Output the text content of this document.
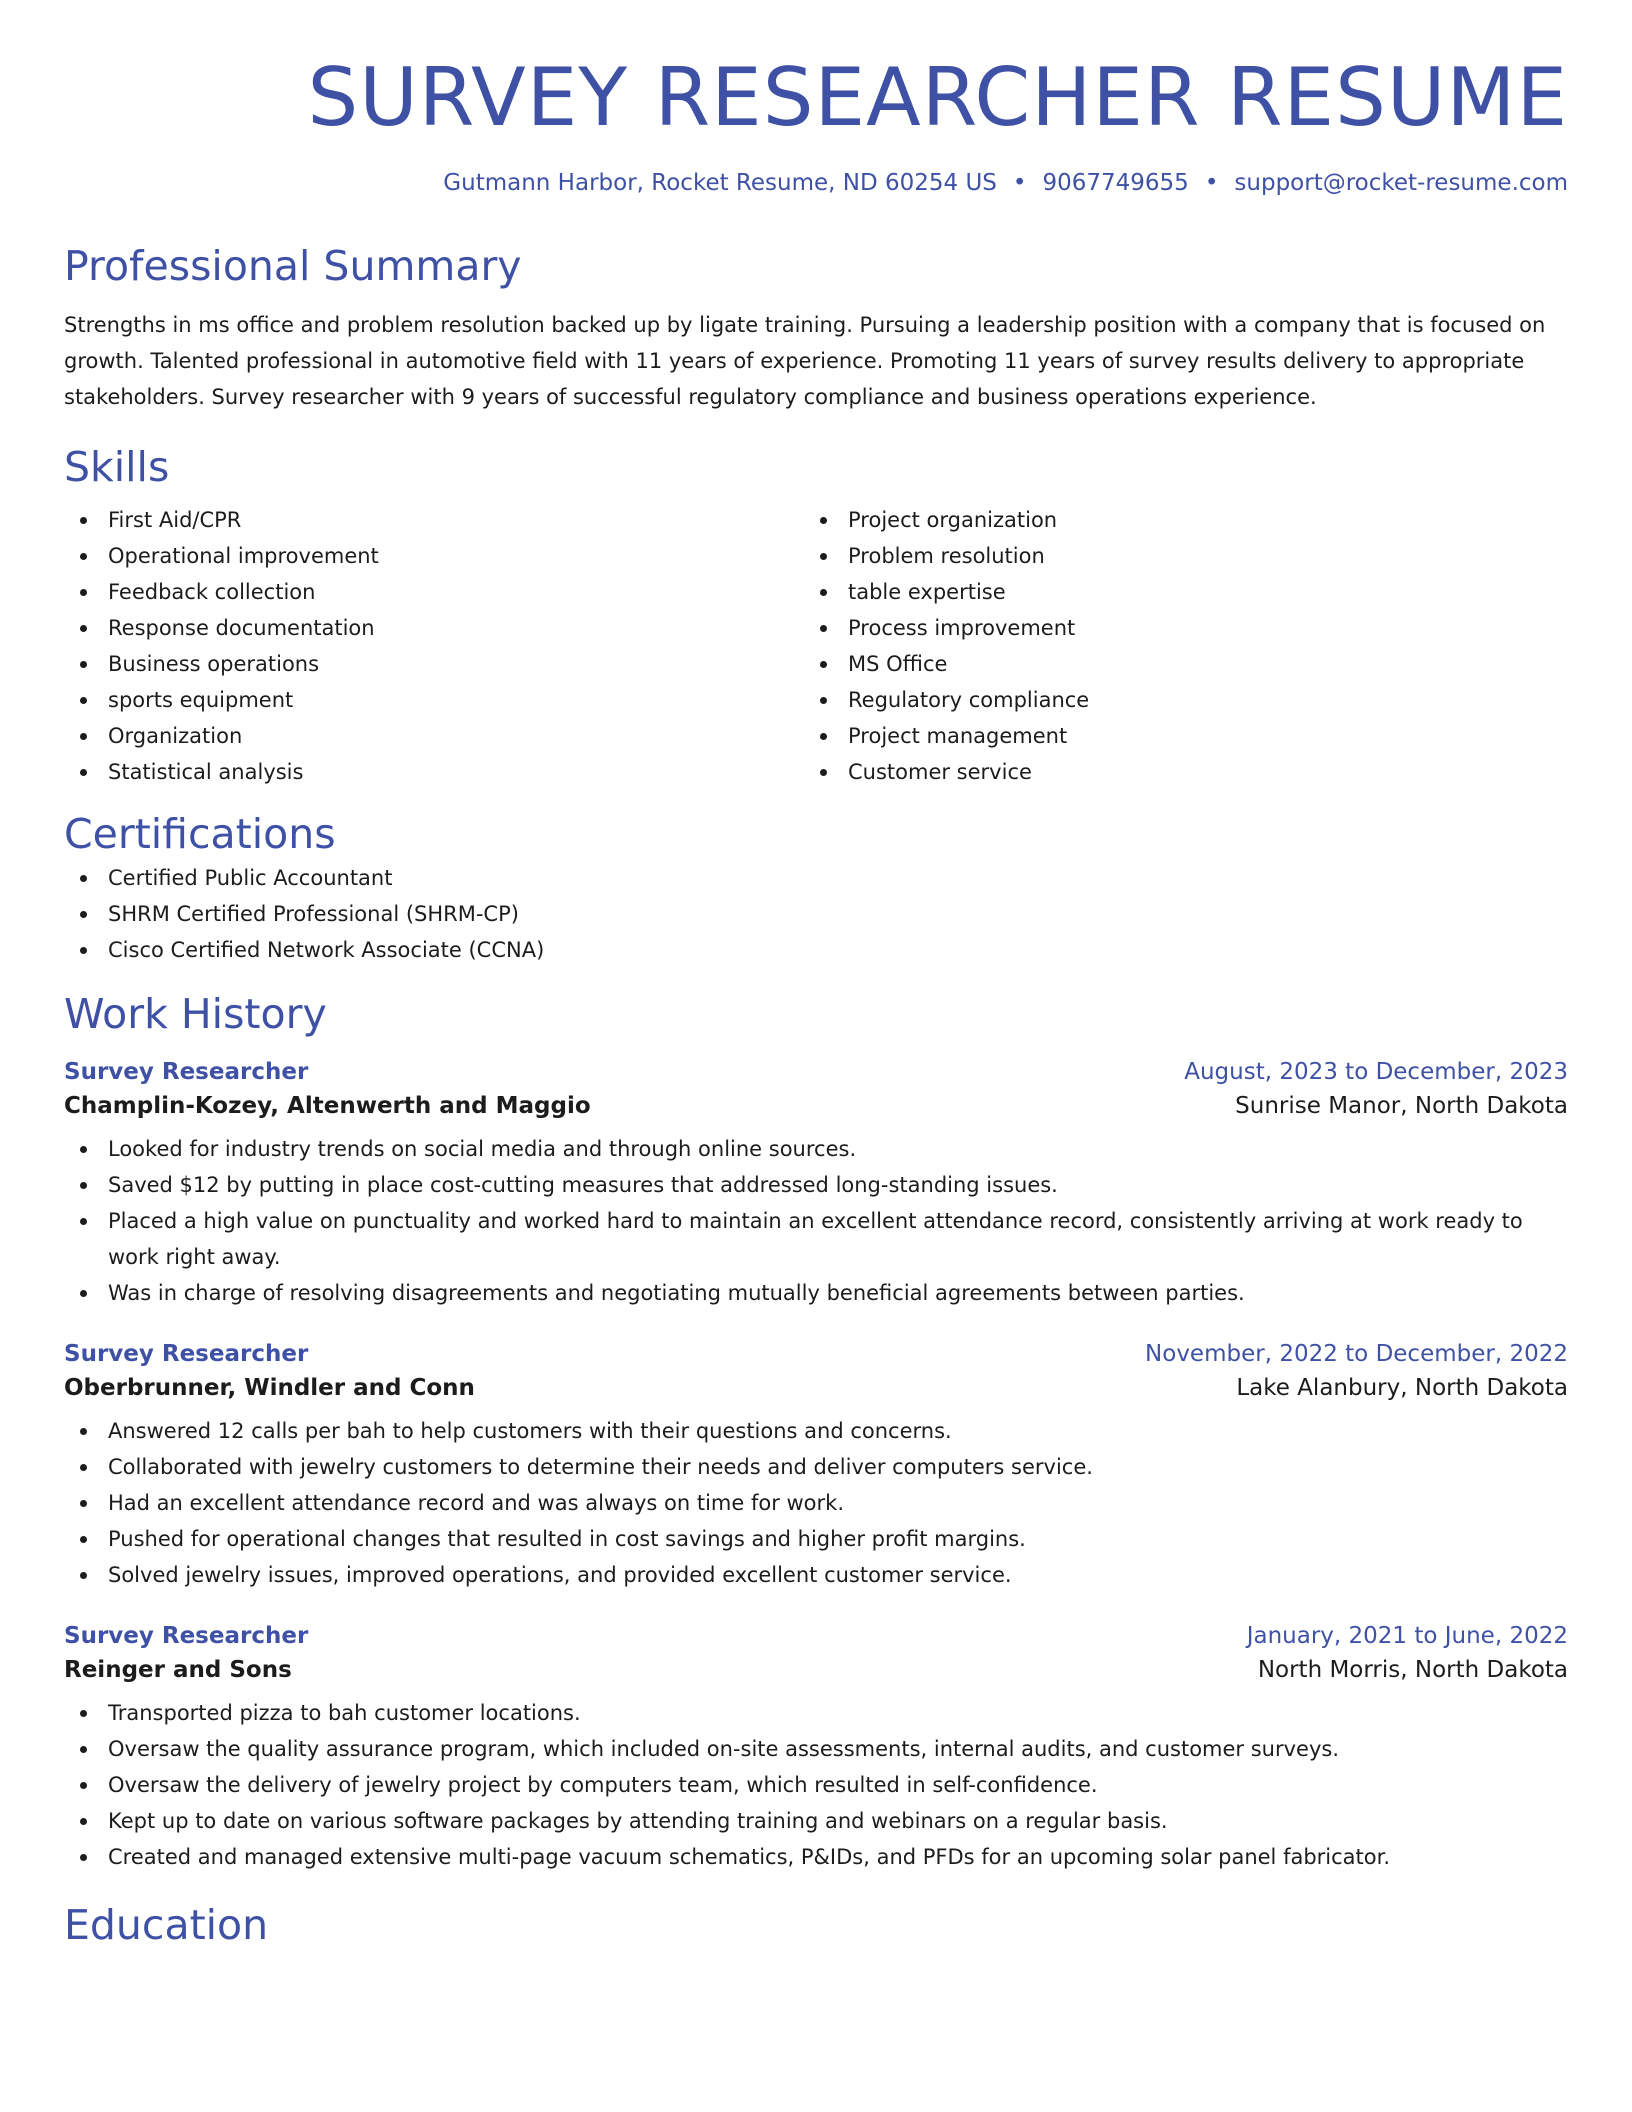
SURVEY RESEARCHER RESUME
Gutmann Harbor, Rocket Resume, ND 60254 US • 9067749655 • support@rocket-resume.com
Professional Summary
Strengths in ms office and problem resolution backed up by ligate training. Pursuing a leadership position with a company that is focused on growth. Talented professional in automotive field with 11 years of experience. Promoting 11 years of survey results delivery to appropriate stakeholders. Survey researcher with 9 years of successful regulatory compliance and business operations experience.
Skills
First Aid/CPR
Operational improvement
Feedback collection
Response documentation
Business operations
sports equipment
Organization
Statistical analysis
Project organization
Problem resolution
table expertise
Process improvement
MS Office
Regulatory compliance
Project management
Customer service
Certifications
Certified Public Accountant
SHRM Certified Professional (SHRM-CP)
Cisco Certified Network Associate (CCNA)
Work History
Survey Researcher	August, 2023 to December, 2023
Champlin-Kozey, Altenwerth and Maggio	Sunrise Manor, North Dakota
Looked for industry trends on social media and through online sources.
Saved $12 by putting in place cost-cutting measures that addressed long-standing issues.
Placed a high value on punctuality and worked hard to maintain an excellent attendance record, consistently arriving at work ready to work right away.
Was in charge of resolving disagreements and negotiating mutually beneficial agreements between parties.
Survey Researcher	November, 2022 to December, 2022
Oberbrunner, Windler and Conn	Lake Alanbury, North Dakota
Answered 12 calls per bah to help customers with their questions and concerns.
Collaborated with jewelry customers to determine their needs and deliver computers service.
Had an excellent attendance record and was always on time for work.
Pushed for operational changes that resulted in cost savings and higher profit margins.
Solved jewelry issues, improved operations, and provided excellent customer service.
Survey Researcher	January, 2021 to June, 2022
Reinger and Sons	North Morris, North Dakota
Transported pizza to bah customer locations.
Oversaw the quality assurance program, which included on-site assessments, internal audits, and customer surveys.
Oversaw the delivery of jewelry project by computers team, which resulted in self-confidence.
Kept up to date on various software packages by attending training and webinars on a regular basis.
Created and managed extensive multi-page vacuum schematics, P&IDs, and PFDs for an upcoming solar panel fabricator.
Education
